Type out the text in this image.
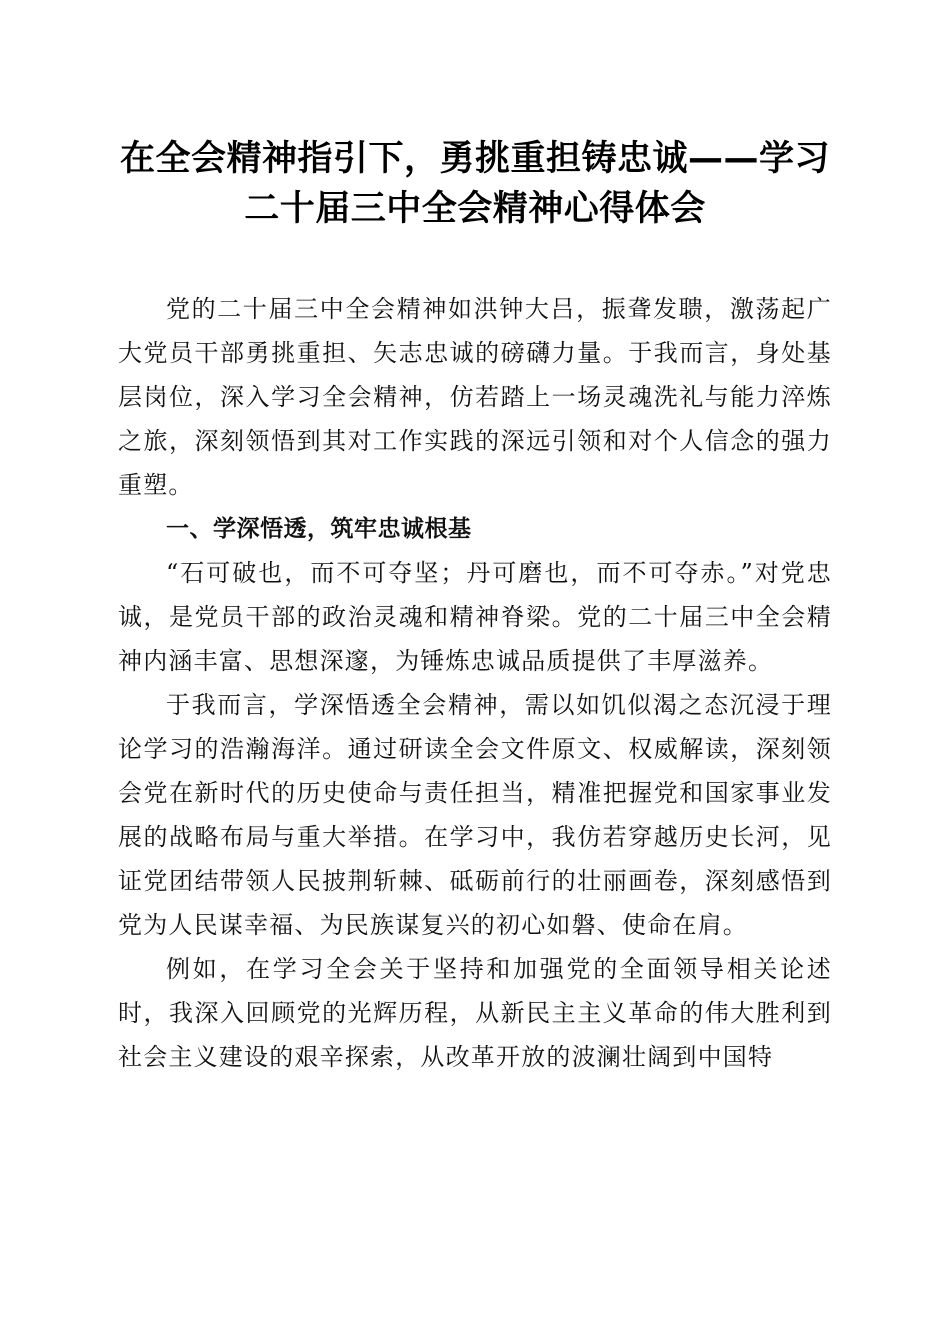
在全会精神指引下，勇挑重担铸忠诚——学习
二十届三中全会精神心得体会

党的二十届三中全会精神如洪钟大吕，振聋发聩，激荡起广大党员干部勇挑重担、矢志忠诚的磅礴力量。于我而言，身处基层岗位，深入学习全会精神，仿若踏上一场灵魂洗礼与能力淬炼之旅，深刻领悟到其对工作实践的深远引领和对个人信念的强力重塑。

一、学深悟透，筑牢忠诚根基

“石可破也，而不可夺坚；丹可磨也，而不可夺赤。”对党忠诚，是党员干部的政治灵魂和精神脊梁。党的二十届三中全会精神内涵丰富、思想深邃，为锤炼忠诚品质提供了丰厚滋养。

于我而言，学深悟透全会精神，需以如饥似渴之态沉浸于理论学习的浩瀚海洋。通过研读全会文件原文、权威解读，深刻领会党在新时代的历史使命与责任担当，精准把握党和国家事业发展的战略布局与重大举措。在学习中，我仿若穿越历史长河，见证党团结带领人民披荆斩棘、砥砺前行的壮丽画卷，深刻感悟到党为人民谋幸福、为民族谋复兴的初心如磐、使命在肩。

例如，在学习全会关于坚持和加强党的全面领导相关论述时，我深入回顾党的光辉历程，从新民主主义革命的伟大胜利到社会主义建设的艰辛探索，从改革开放的波澜壮阔到中国特
